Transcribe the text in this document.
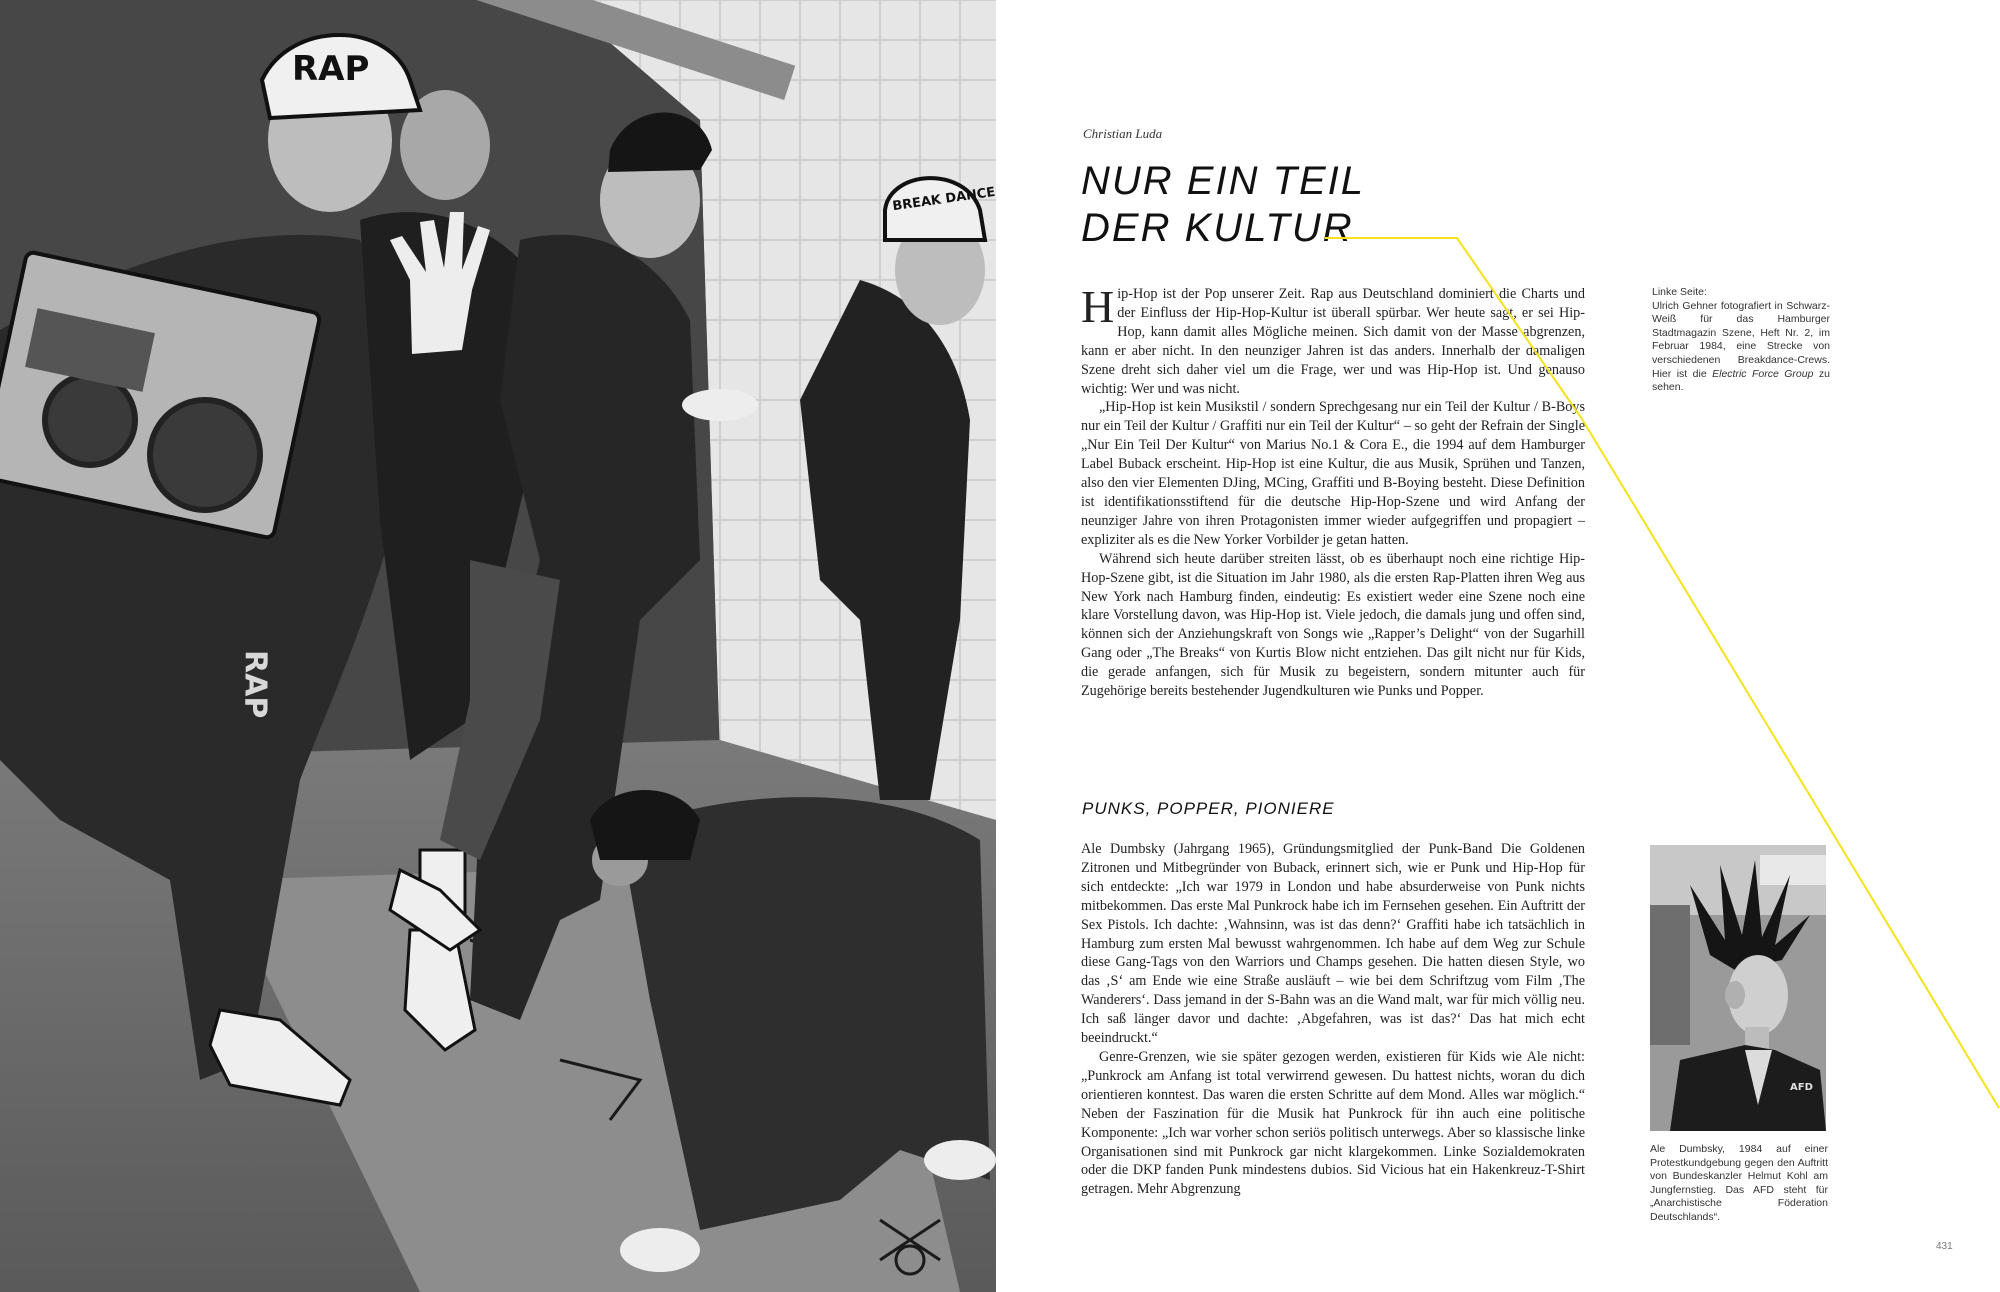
RAP
BREAK DANCE
RAP
Christian Luda
NUR EIN TEIL
DER KULTUR

Hip-Hop ist der Pop unserer Zeit. Rap aus Deutschland dominiert die Charts und der Einfluss der Hip-Hop-Kultur ist überall spürbar. Wer heute sagt, er sei Hip-Hop, kann damit alles Mögliche meinen. Sich damit von der Masse abgrenzen, kann er aber nicht. In den neunziger Jahren ist das anders. Innerhalb der damaligen Szene dreht sich daher viel um die Frage, wer und was Hip-Hop ist. Und genauso wichtig: Wer und was nicht.

„Hip-Hop ist kein Musikstil / sondern Sprechgesang nur ein Teil der Kultur / B-Boys nur ein Teil der Kultur / Graffiti nur ein Teil der Kultur“ – so geht der Refrain der Single „Nur Ein Teil Der Kultur“ von Marius No.1 & Cora E., die 1994 auf dem Hamburger Label Buback erscheint. Hip-Hop ist eine Kultur, die aus Musik, Sprühen und Tanzen, also den vier Elementen DJing, MCing, Graffiti und B-Boying besteht. Diese Definition ist identifikationsstiftend für die deutsche Hip-Hop-Szene und wird Anfang der neunziger Jahre von ihren Protagonisten immer wieder aufgegriffen und propagiert – expliziter als es die New Yorker Vorbilder je getan hatten.

Während sich heute darüber streiten lässt, ob es überhaupt noch eine richtige Hip-Hop-Szene gibt, ist die Situation im Jahr 1980, als die ersten Rap-Platten ihren Weg aus New York nach Hamburg finden, eindeutig: Es existiert weder eine Szene noch eine klare Vorstellung davon, was Hip-Hop ist. Viele jedoch, die damals jung und offen sind, können sich der Anziehungskraft von Songs wie „Rapper’s Delight“ von der Sugarhill Gang oder „The Breaks“ von Kurtis Blow nicht entziehen. Das gilt nicht nur für Kids, die gerade anfangen, sich für Musik zu begeistern, sondern mitunter auch für Zugehörige bereits bestehender Jugendkulturen wie Punks und Popper.

PUNKS, POPPER, PIONIERE

Ale Dumbsky (Jahrgang 1965), Gründungsmitglied der Punk-Band Die Goldenen Zitronen und Mitbegründer von Buback, erinnert sich, wie er Punk und Hip-Hop für sich entdeckte: „Ich war 1979 in London und habe absurderweise von Punk nichts mitbekommen. Das erste Mal Punkrock habe ich im Fernsehen gesehen. Ein Auftritt der Sex Pistols. Ich dachte: ‚Wahnsinn, was ist das denn?‘ Graffiti habe ich tatsächlich in Hamburg zum ersten Mal bewusst wahrgenommen. Ich habe auf dem Weg zur Schule diese Gang-Tags von den Warriors und Champs gesehen. Die hatten diesen Style, wo das ‚S‘ am Ende wie eine Straße ausläuft – wie bei dem Schriftzug vom Film ‚The Wanderers‘. Dass jemand in der S-Bahn was an die Wand malt, war für mich völlig neu. Ich saß länger davor und dachte: ‚Abgefahren, was ist das?‘ Das hat mich echt beeindruckt.“

Genre-Grenzen, wie sie später gezogen werden, existieren für Kids wie Ale nicht: „Punkrock am Anfang ist total verwirrend gewesen. Du hattest nichts, woran du dich orientieren konntest. Das waren die ersten Schritte auf dem Mond. Alles war möglich.“ Neben der Faszination für die Musik hat Punkrock für ihn auch eine politische Komponente: „Ich war vorher schon seriös politisch unterwegs. Aber so klassische linke Organisationen sind mit Punkrock gar nicht klargekommen. Linke Sozialdemokraten oder die DKP fanden Punk mindestens dubios. Sid Vicious hat ein Hakenkreuz-T-Shirt getragen. Mehr Abgrenzung

Linke Seite:
Ulrich Gehner fotografiert in Schwarz-Weiß für das Hamburger Stadtmagazin Szene, Heft Nr. 2, im Februar 1984, eine Strecke von verschiedenen Breakdance-Crews. Hier ist die Electric Force Group zu sehen.
AFD
Ale Dumbsky, 1984 auf einer Protestkundgebung gegen den Auftritt von Bundeskanzler Helmut Kohl am Jungfernstieg. Das AFD steht für „Anarchistische Föderation Deutschlands“.
431
